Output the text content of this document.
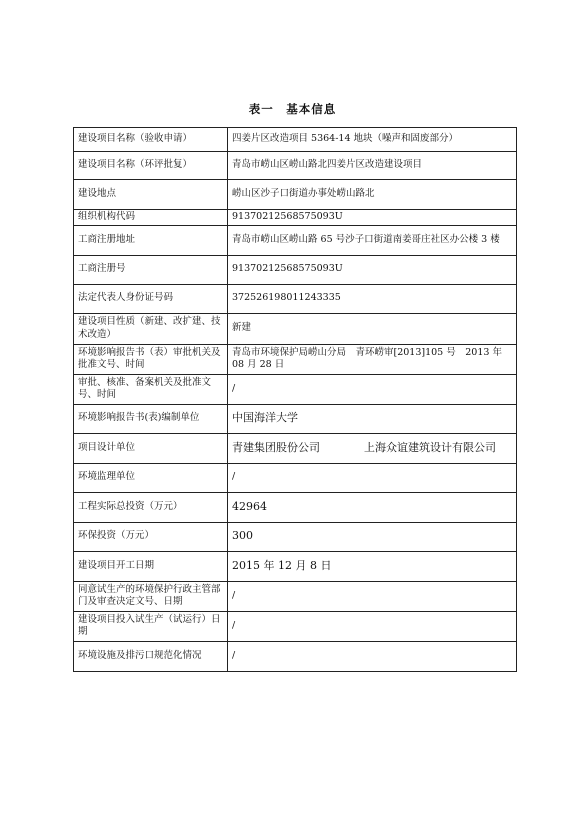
表一　基本信息
建设项目名称（验收申请）	四姜片区改造项目 5364-14 地块（噪声和固废部分）
建设项目名称（环评批复）	青岛市崂山区崂山路北四姜片区改造建设项目
建设地点	崂山区沙子口街道办事处崂山路北
组织机构代码	91370212568575093U
工商注册地址	青岛市崂山区崂山路 65 号沙子口街道南姜哥庄社区办公楼 3 楼
工商注册号	91370212568575093U
法定代表人身份证号码	372526198011243335
建设项目性质（新建、改扩建、技术改造）	新建
环境影响报告书（表）审批机关及批准文号、时间	青岛市环境保护局崂山分局　青环崂审[2013]105 号　2013 年 08 月 28 日
审批、核准、备案机关及批准文号、时间	/
环境影响报告书(表)编制单位	中国海洋大学
项目设计单位	青建集团股份公司 上海众谊建筑设计有限公司
环境监理单位	/
工程实际总投资（万元）	42964
环保投资（万元）	300
建设项目开工日期	2015 年 12 月 8 日
同意试生产的环境保护行政主管部门及审查决定文号、日期	/
建设项目投入试生产（试运行）日期	/
环境设施及排污口规范化情况	/
